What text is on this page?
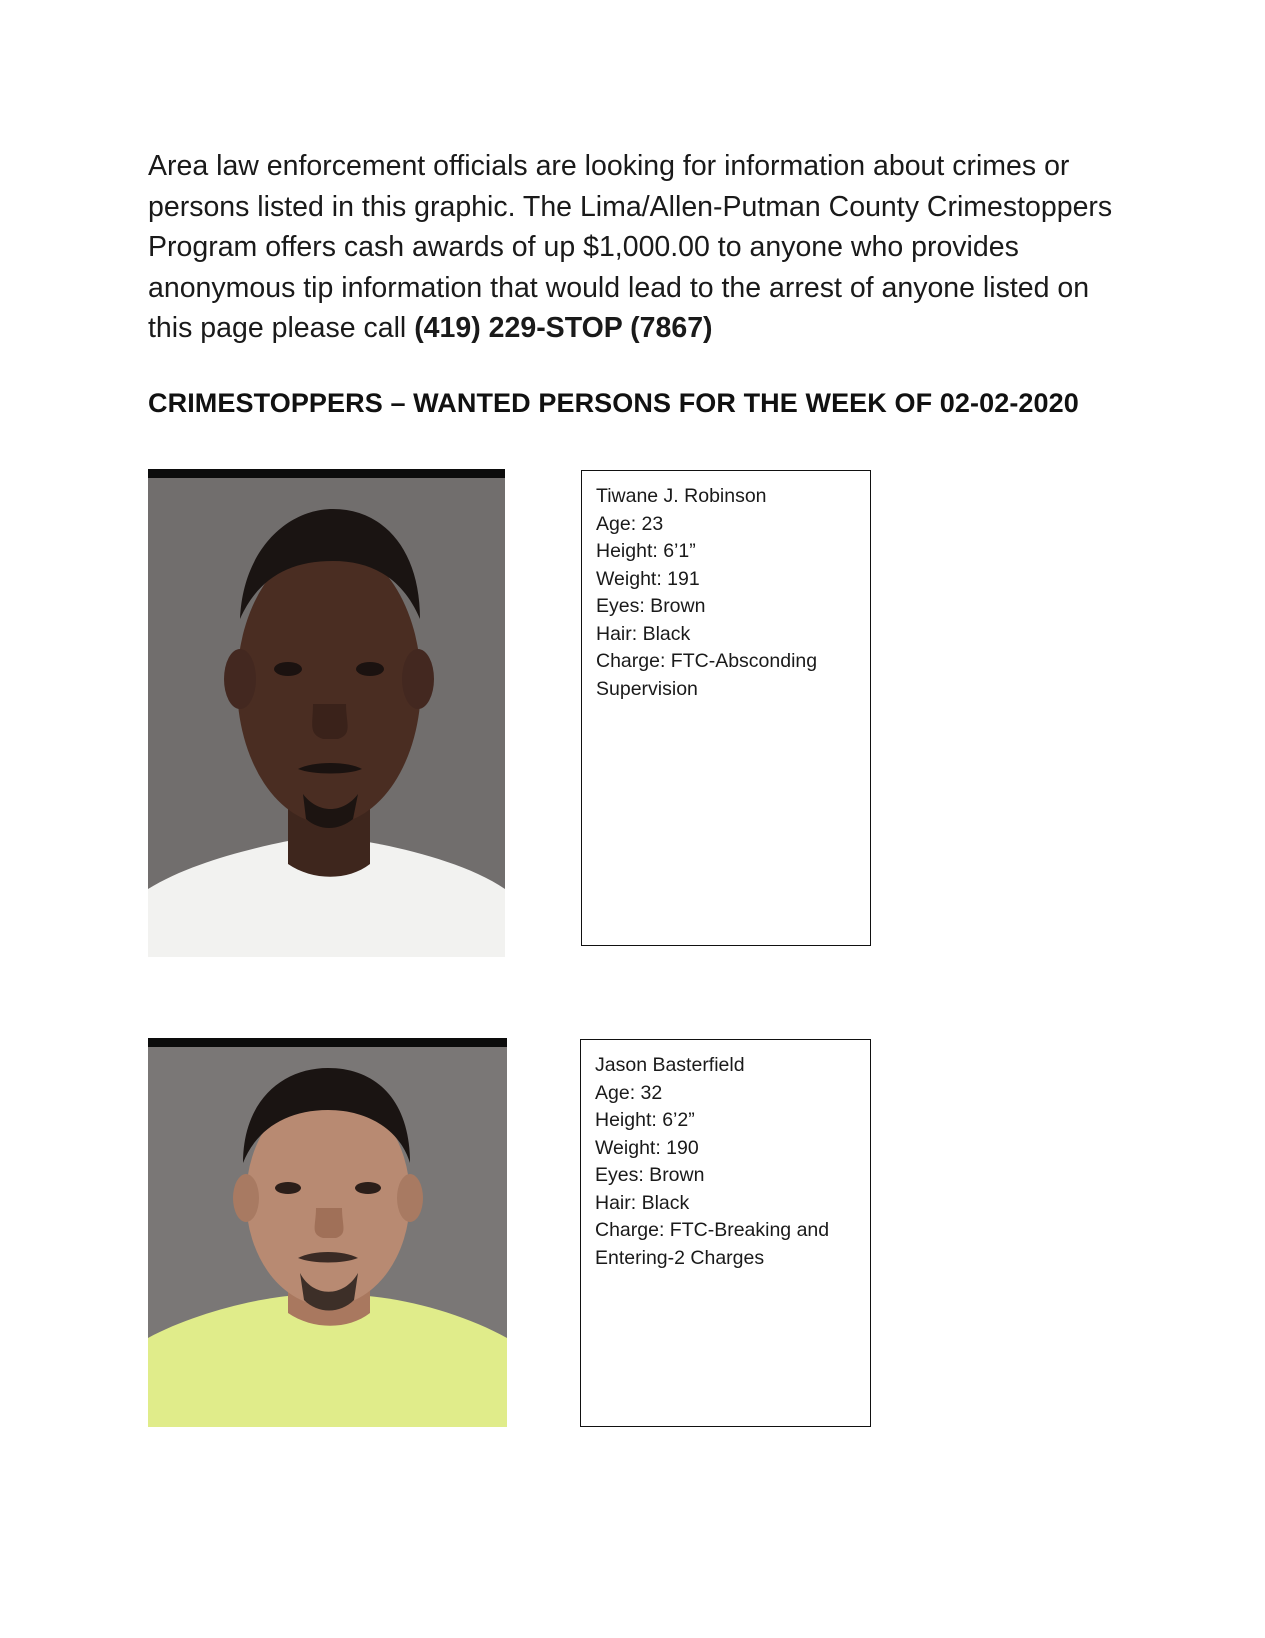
Area law enforcement officials are looking for information about crimes or persons listed in this graphic. The Lima/Allen-Putman County Crimestoppers Program offers cash awards of up $1,000.00 to anyone who provides anonymous tip information that would lead to the arrest of anyone listed on this page please call (419) 229-STOP (7867)

CRIMESTOPPERS – WANTED PERSONS FOR THE WEEK OF 02-02-2020
Tiwane J. Robinson
Age: 23
Height: 6’1”
Weight: 191
Eyes: Brown
Hair: Black
Charge: FTC-Absconding
Supervision
Jason Basterfield
Age: 32
Height: 6’2”
Weight: 190
Eyes: Brown
Hair: Black
Charge: FTC-Breaking and
Entering-2 Charges
